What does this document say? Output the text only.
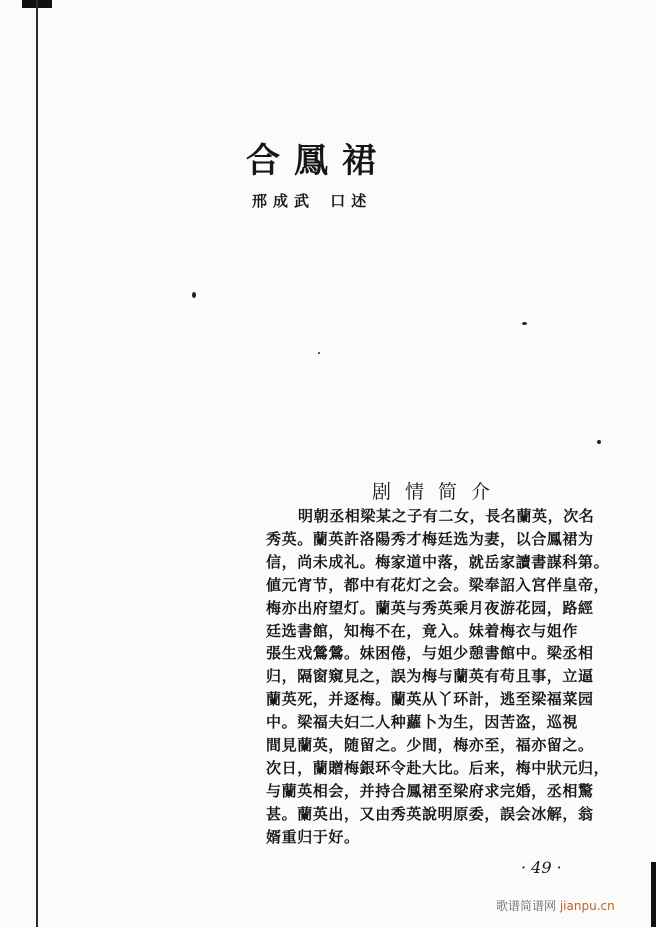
合鳳裙
邢成武 口述
剧情简介
明朝丞相梁某之子有二女，長名蘭英，次名
秀英。蘭英許洛陽秀才梅廷选为妻，以合鳳裙为
信，尚未成礼。梅家道中落，就岳家讀書謀科第。
値元宵节，都中有花灯之会。梁奉詔入宮伴皇帝，
梅亦出府望灯。蘭英与秀英乘月夜游花园，路經
廷选書館，知梅不在，竟入。妹着梅衣与姐作
張生戏鶯鶯。妹困倦，与姐少憩書館中。梁丞相
归，隔窗窺見之，誤为梅与蘭英有苟且事，立逼
蘭英死，并逐梅。蘭英从丫环計，逃至梁福菜园
中。梁福夫妇二人种蘿卜为生，因苦盗，巡視
間見蘭英，随留之。少間，梅亦至，福亦留之。
次日，蘭贈梅銀环令赴大比。后来，梅中狀元归，
与蘭英相会，并持合鳳裙至梁府求完婚，丞相驚
甚。蘭英出，又由秀英說明原委，誤会冰解，翁
婿重归于好。
· 49 ·
歌谱简谱网 jianpu.cn
